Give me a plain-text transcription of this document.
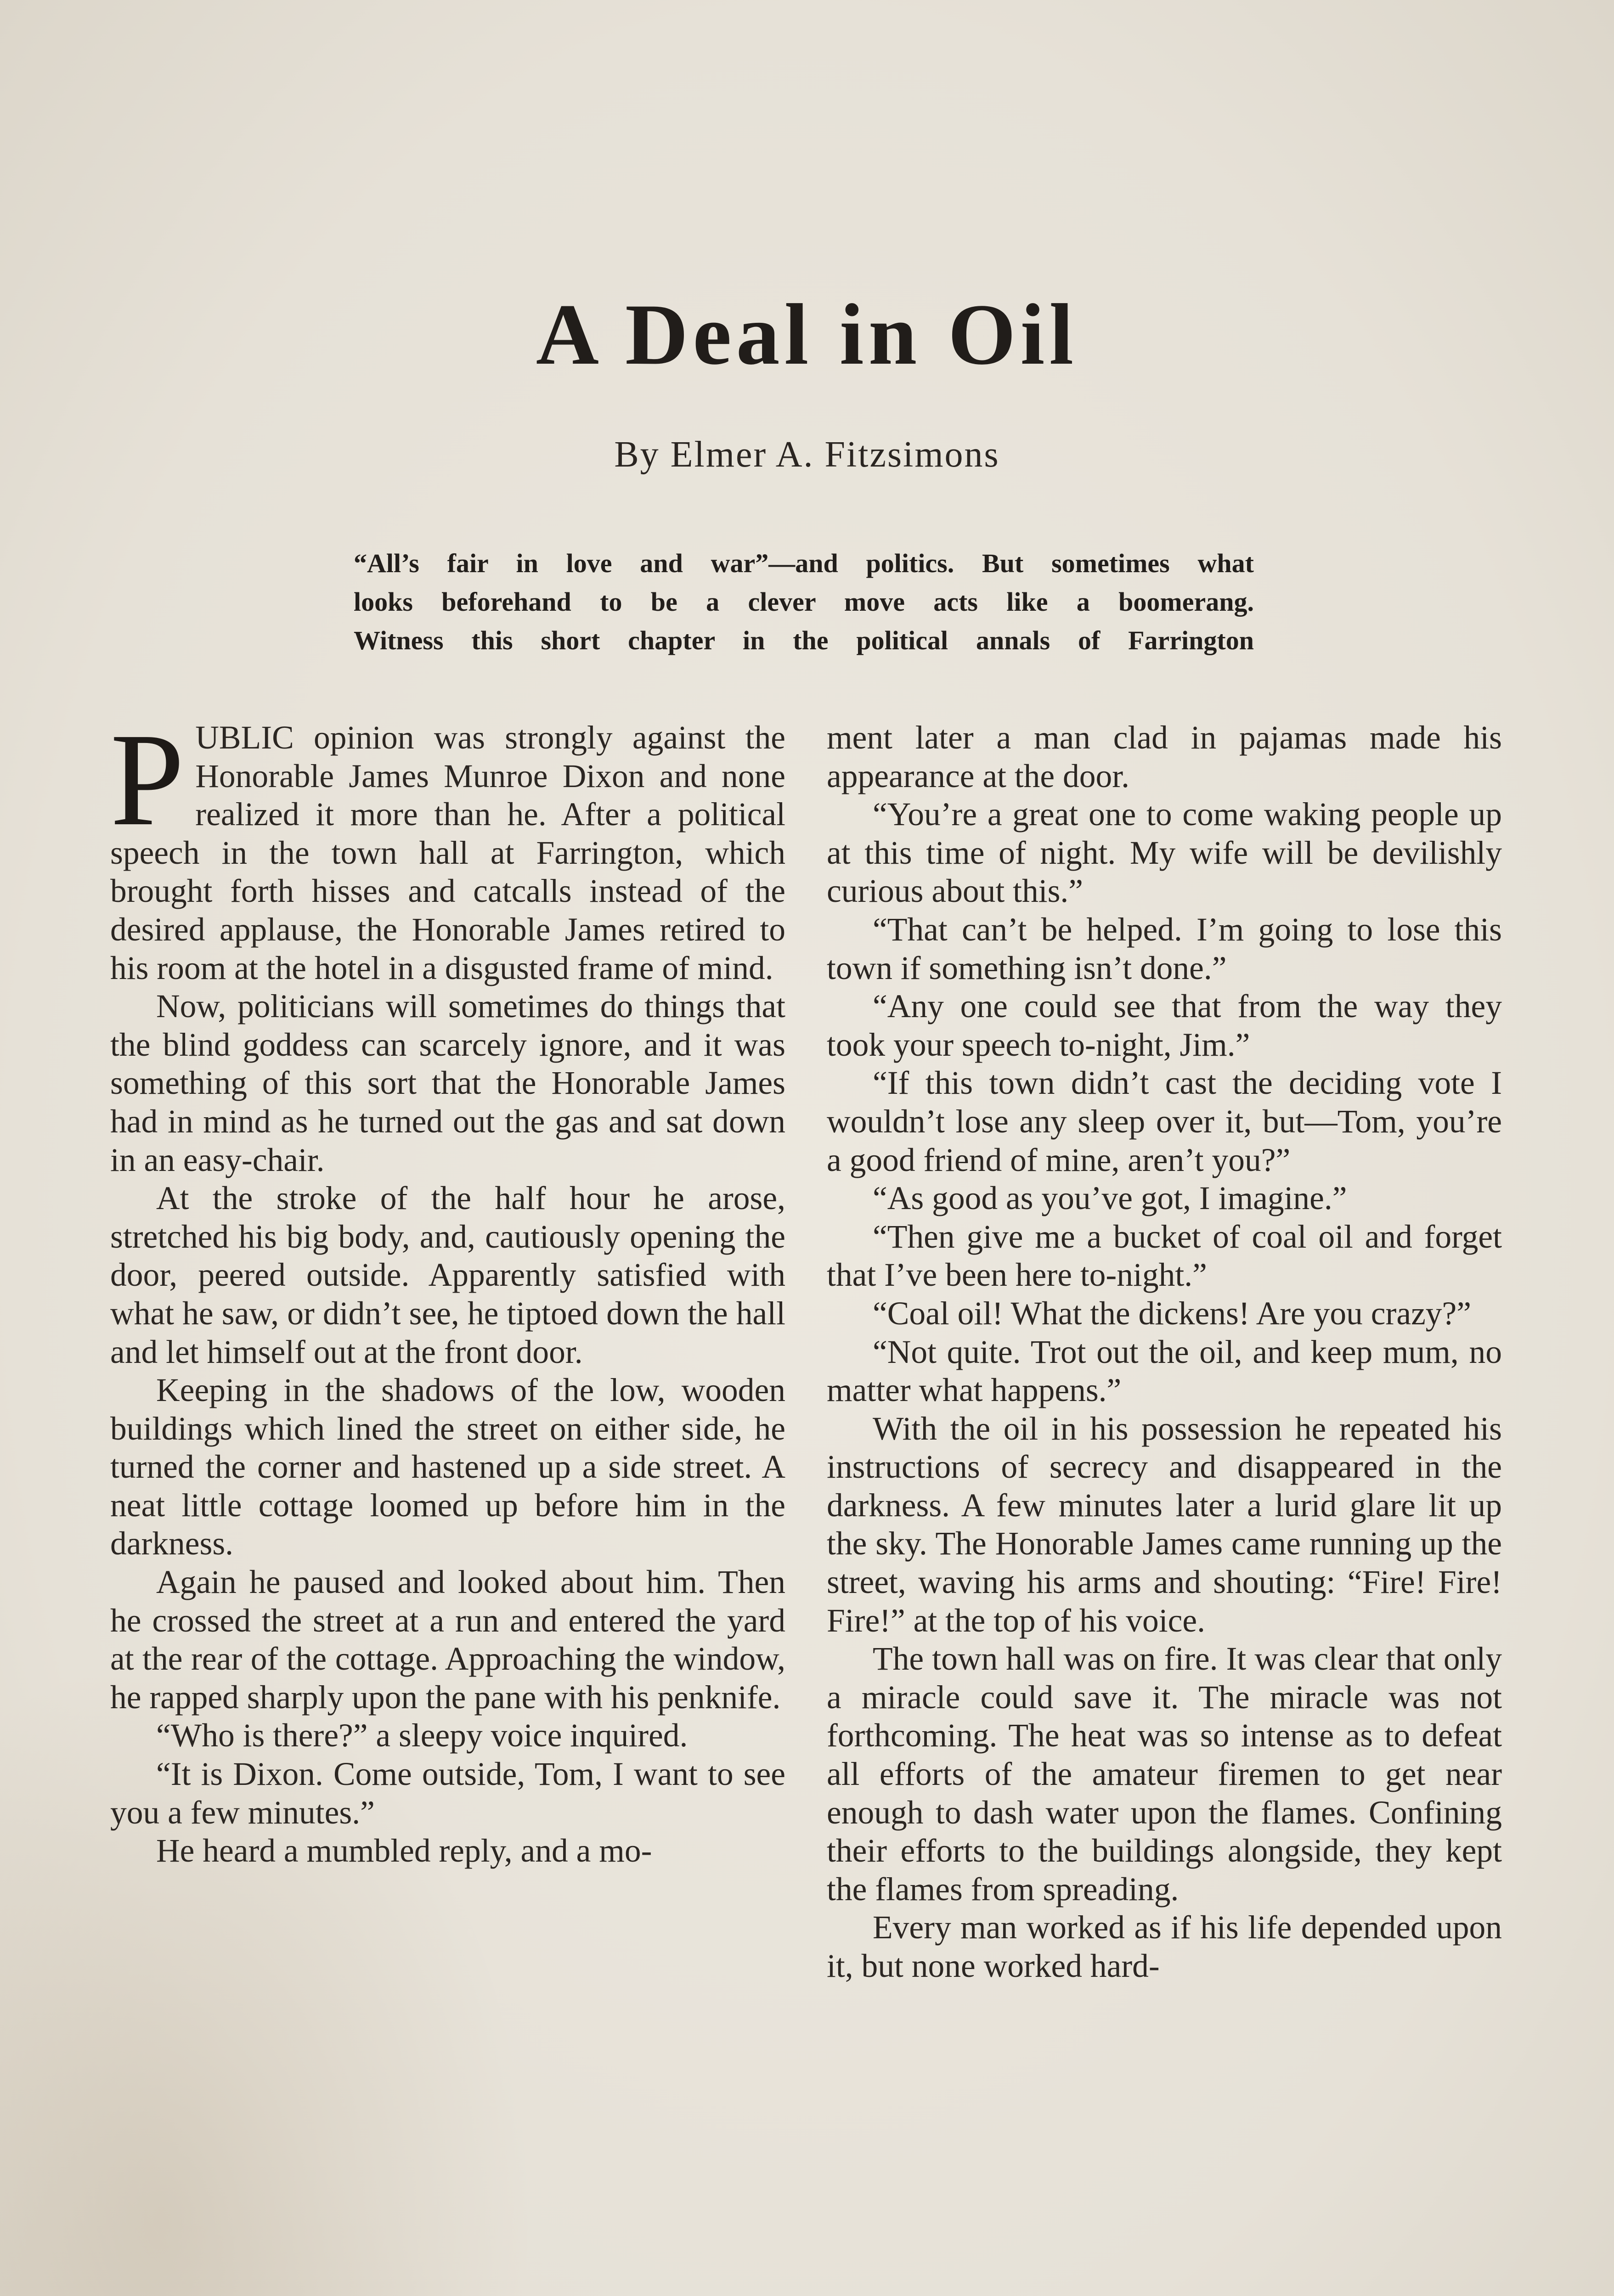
A Deal in Oil
By Elmer A. Fitzsimons
“All’s fair in love and war”—and politics. But sometimes what
looks beforehand to be a clever move acts like a boomerang.
Witness this short chapter in the political annals of Farrington

PUBLIC opinion was strongly against the Honorable James Munroe Dixon and none realized it more than he. After a political speech in the town hall at Farrington, which brought forth hisses and catcalls instead of the desired applause, the Honorable James retired to his room at the hotel in a disgusted frame of mind.

Now, politicians will sometimes do things that the blind goddess can scarcely ignore, and it was something of this sort that the Honorable James had in mind as he turned out the gas and sat down in an easy-chair.

At the stroke of the half hour he arose, stretched his big body, and, cautiously opening the door, peered outside. Apparently satisfied with what he saw, or didn’t see, he tiptoed down the hall and let himself out at the front door.

Keeping in the shadows of the low, wooden buildings which lined the street on either side, he turned the corner and hastened up a side street. A neat little cottage loomed up before him in the darkness.

Again he paused and looked about him. Then he crossed the street at a run and entered the yard at the rear of the cottage. Approaching the window, he rapped sharply upon the pane with his penknife.

“Who is there?” a sleepy voice inquired.

“It is Dixon. Come outside, Tom, I want to see you a few minutes.”

He heard a mumbled reply, and a mo-

ment later a man clad in pajamas made his appearance at the door.

“You’re a great one to come waking people up at this time of night. My wife will be devilishly curious about this.”

“That can’t be helped. I’m going to lose this town if something isn’t done.”

“Any one could see that from the way they took your speech to-night, Jim.”

“If this town didn’t cast the deciding vote I wouldn’t lose any sleep over it, but—Tom, you’re a good friend of mine, aren’t you?”

“As good as you’ve got, I imagine.”

“Then give me a bucket of coal oil and forget that I’ve been here to-night.”

“Coal oil! What the dickens! Are you crazy?”

“Not quite. Trot out the oil, and keep mum, no matter what happens.”

With the oil in his possession he repeated his instructions of secrecy and disappeared in the darkness. A few minutes later a lurid glare lit up the sky. The Honorable James came running up the street, waving his arms and shouting: “Fire! Fire! Fire!” at the top of his voice.

The town hall was on fire. It was clear that only a miracle could save it. The miracle was not forthcoming. The heat was so intense as to defeat all efforts of the amateur firemen to get near enough to dash water upon the flames. Confining their efforts to the buildings alongside, they kept the flames from spreading.

Every man worked as if his life depended upon it, but none worked hard-
